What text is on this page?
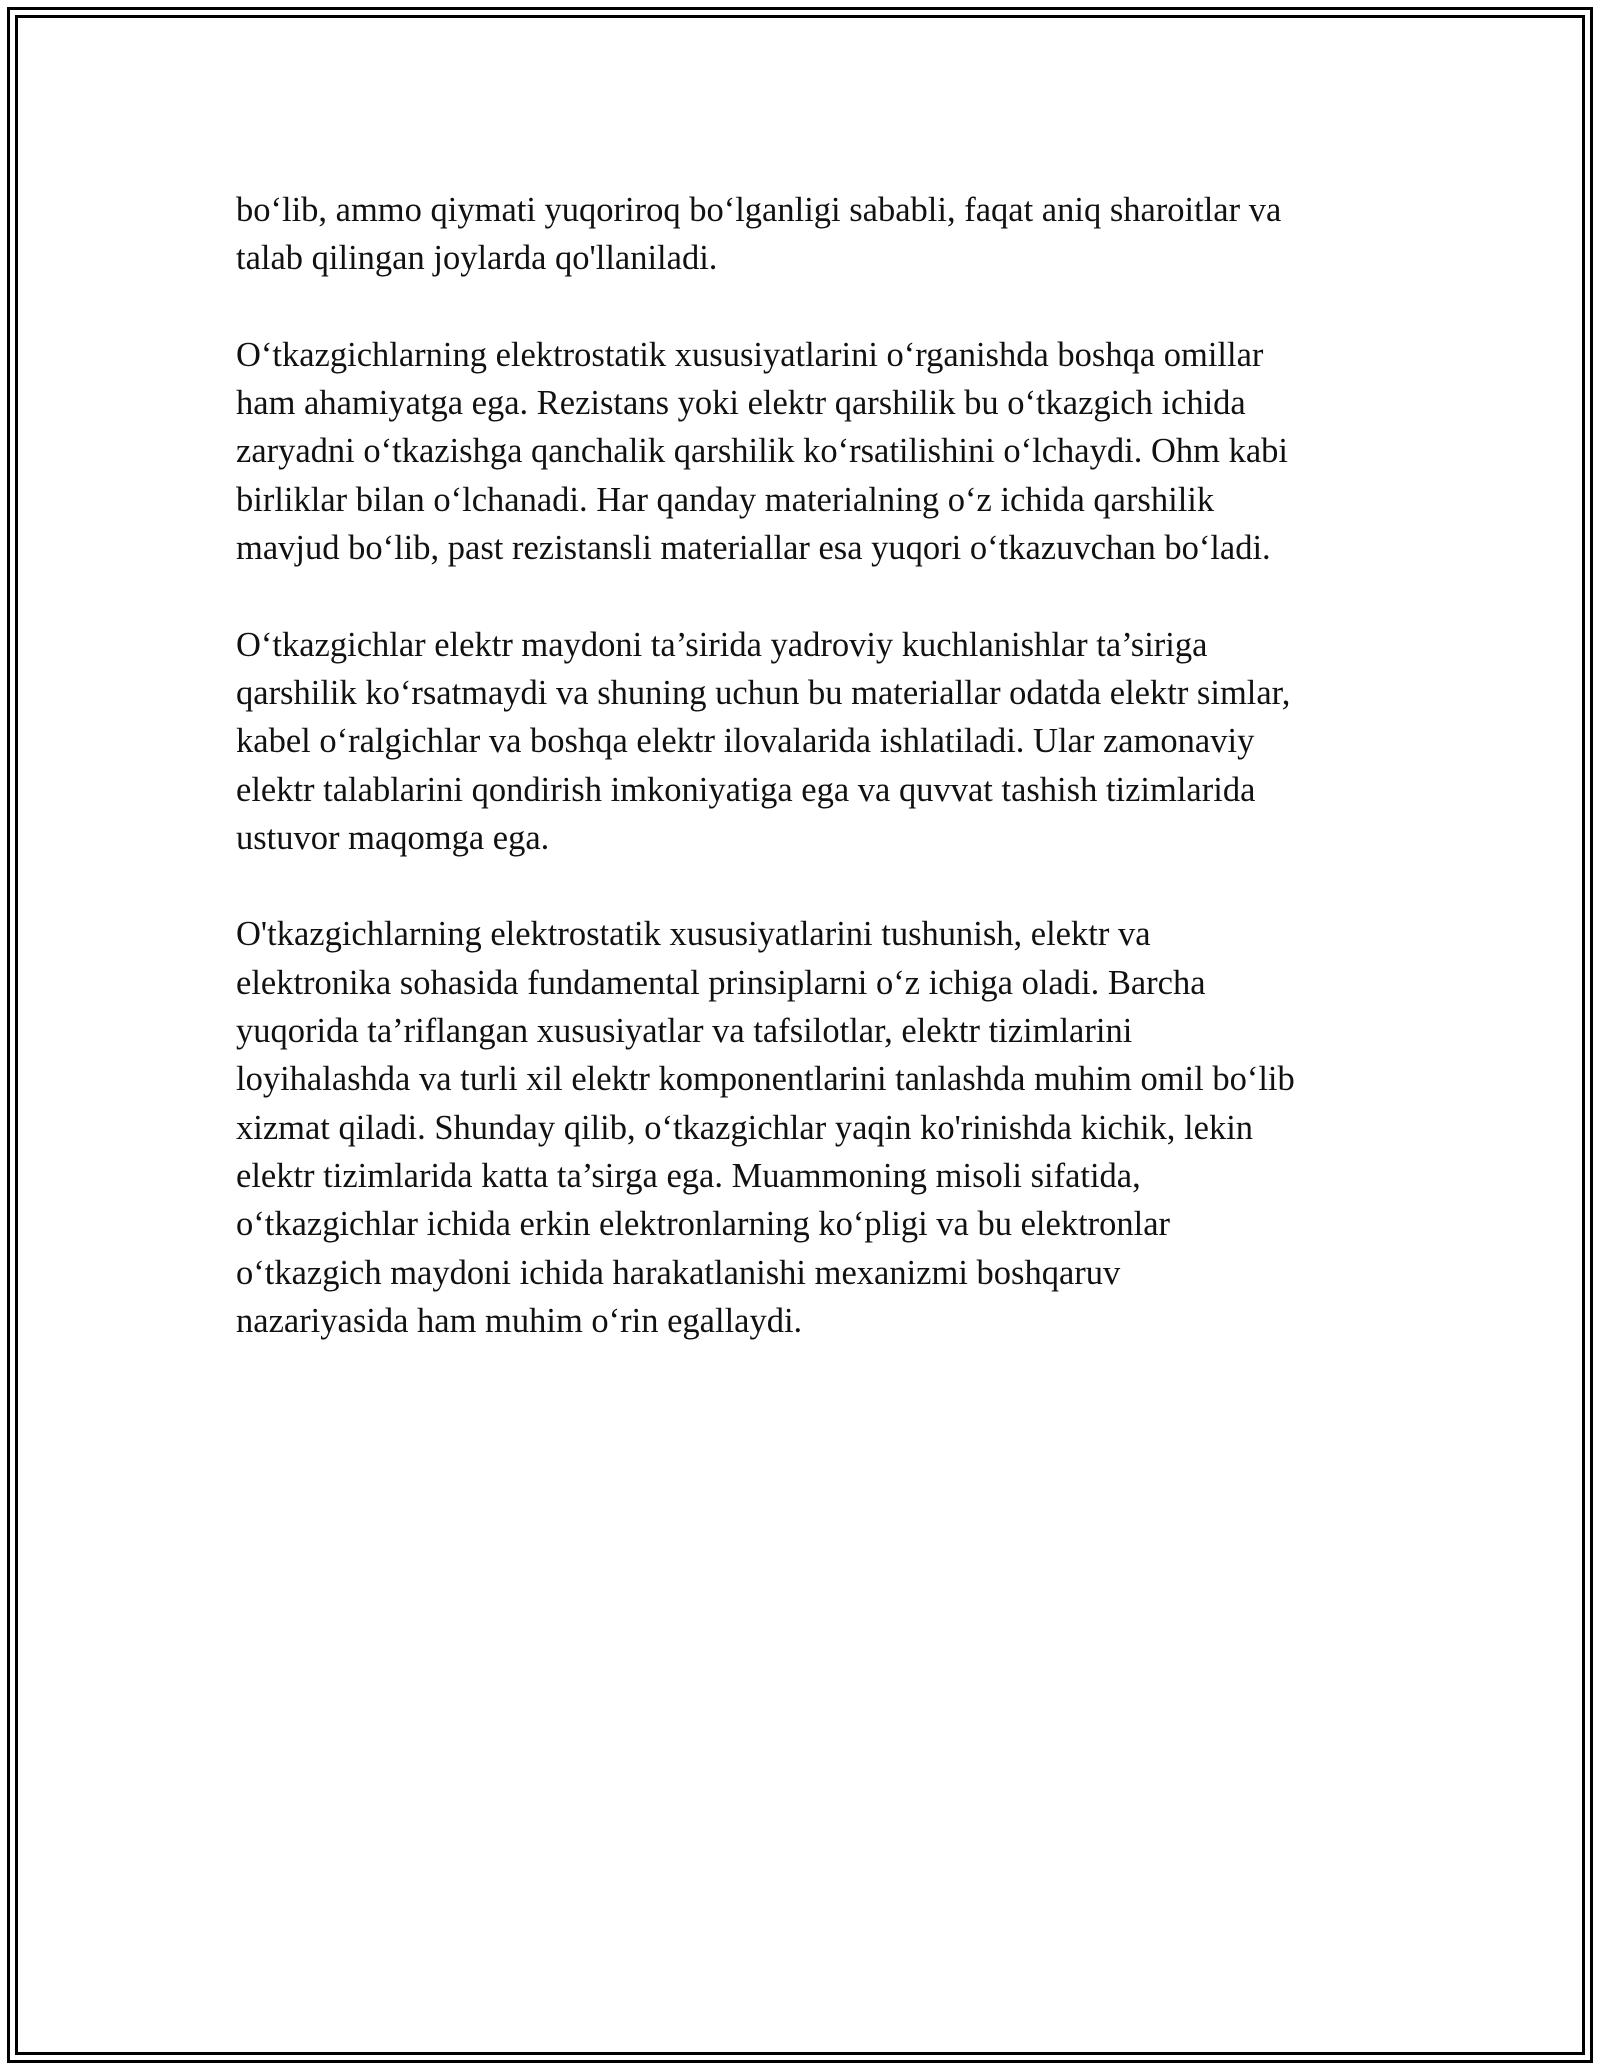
bo‘lib, ammo qiymati yuqoriroq bo‘lganligi sababli, faqat aniq sharoitlar va
talab qilingan joylarda qo'llaniladi.

O‘tkazgichlarning elektrostatik xususiyatlarini o‘rganishda boshqa omillar
ham ahamiyatga ega. Rezistans yoki elektr qarshilik bu o‘tkazgich ichida
zaryadni o‘tkazishga qanchalik qarshilik ko‘rsatilishini o‘lchaydi. Ohm kabi
birliklar bilan o‘lchanadi. Har qanday materialning o‘z ichida qarshilik
mavjud bo‘lib, past rezistansli materiallar esa yuqori o‘tkazuvchan bo‘ladi.

O‘tkazgichlar elektr maydoni ta’sirida yadroviy kuchlanishlar ta’siriga
qarshilik ko‘rsatmaydi va shuning uchun bu materiallar odatda elektr simlar,
kabel o‘ralgichlar va boshqa elektr ilovalarida ishlatiladi. Ular zamonaviy
elektr talablarini qondirish imkoniyatiga ega va quvvat tashish tizimlarida
ustuvor maqomga ega.

O'tkazgichlarning elektrostatik xususiyatlarini tushunish, elektr va
elektronika sohasida fundamental prinsiplarni o‘z ichiga oladi. Barcha
yuqorida ta’riflangan xususiyatlar va tafsilotlar, elektr tizimlarini
loyihalashda va turli xil elektr komponentlarini tanlashda muhim omil bo‘lib
xizmat qiladi. Shunday qilib, o‘tkazgichlar yaqin ko'rinishda kichik, lekin
elektr tizimlarida katta ta’sirga ega. Muammoning misoli sifatida,
o‘tkazgichlar ichida erkin elektronlarning ko‘pligi va bu elektronlar
o‘tkazgich maydoni ichida harakatlanishi mexanizmi boshqaruv
nazariyasida ham muhim o‘rin egallaydi.
